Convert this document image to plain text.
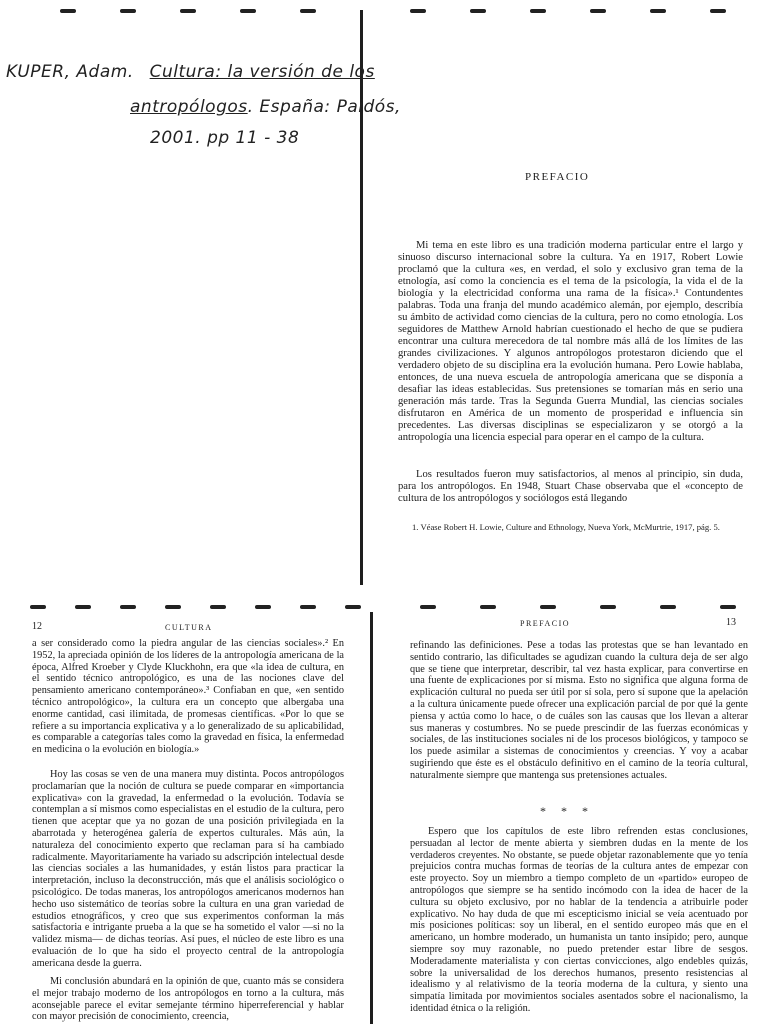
KUPER, Adam. Cultura: la versión de los
antropólogos. España: Paidós,
2001. pp 11 - 38
PREFACIO

Mi tema en este libro es una tradición moderna particular entre el largo y sinuoso discurso internacional sobre la cultura. Ya en 1917, Robert Lowie proclamó que la cultura «es, en verdad, el solo y exclusivo gran tema de la etnología, así como la conciencia es el tema de la psicología, la vida el de la biología y la electricidad conforma una rama de la física».¹ Contundentes palabras. Toda una franja del mundo académico alemán, por ejemplo, describía su ámbito de actividad como ciencias de la cultura, pero no como etnología. Los seguidores de Matthew Arnold habrían cuestionado el hecho de que se pudiera encontrar una cultura merecedora de tal nombre más allá de los límites de las grandes civilizaciones. Y algunos antropólogos protestaron diciendo que el verdadero objeto de su disciplina era la evolución humana. Pero Lowie hablaba, entonces, de una nueva escuela de antropología americana que se disponía a desafiar las ideas establecidas. Sus pretensiones se tomarían más en serio una generación más tarde. Tras la Segunda Guerra Mundial, las ciencias sociales disfrutaron en América de un momento de prosperidad e influencia sin precedentes. Las diversas disciplinas se especializaron y se otorgó a la antropología una licencia especial para operar en el campo de la cultura.

Los resultados fueron muy satisfactorios, al menos al principio, sin duda, para los antropólogos. En 1948, Stuart Chase observaba que el «concepto de cultura de los antropólogos y sociólogos está llegando

1. Véase Robert H. Lowie, Culture and Ethnology, Nueva York, McMurtrie, 1917, pág. 5.

12	CULTURA

a ser considerado como la piedra angular de las ciencias sociales».² En 1952, la apreciada opinión de los líderes de la antropología americana de la época, Alfred Kroeber y Clyde Kluckhohn, era que «la idea de cultura, en el sentido técnico antropológico, es una de las nociones clave del pensamiento americano contemporáneo».³ Confiaban en que, «en sentido técnico antropológico», la cultura era un concepto que albergaba una enorme cantidad, casi ilimitada, de promesas científicas. «Por lo que se refiere a su importancia explicativa y a lo generalizado de su aplicabilidad, es comparable a categorías tales como la gravedad en física, la enfermedad en medicina o la evolución en biología.»

Hoy las cosas se ven de una manera muy distinta. Pocos antropólogos proclamarían que la noción de cultura se puede comparar en «importancia explicativa» con la gravedad, la enfermedad o la evolución. Todavía se contemplan a sí mismos como especialistas en el estudio de la cultura, pero tienen que aceptar que ya no gozan de una posición privilegiada en la abarrotada y heterogénea galería de expertos culturales. Más aún, la naturaleza del conocimiento experto que reclaman para sí ha cambiado radicalmente. Mayoritariamente ha variado su adscripción intelectual desde las ciencias sociales a las humanidades, y están listos para practicar la interpretación, incluso la deconstrucción, más que el análisis sociológico o psicológico. De todas maneras, los antropólogos americanos modernos han hecho uso sistemático de teorías sobre la cultura en una gran variedad de estudios etnográficos, y creo que sus experimentos conforman la más satisfactoria e intrigante prueba a la que se ha sometido el valor —si no la validez misma— de dichas teorías. Así pues, el núcleo de este libro es una evaluación de lo que ha sido el proyecto central de la antropología americana desde la guerra.

Mi conclusión abundará en la opinión de que, cuanto más se considera el mejor trabajo moderno de los antropólogos en torno a la cultura, más aconsejable parece el evitar semejante término hiperreferencial y hablar con mayor precisión de conocimiento, creencia,

PREFACIO	13

refinando las definiciones. Pese a todas las protestas que se han levantado en sentido contrario, las dificultades se agudizan cuando la cultura deja de ser algo que se tiene que interpretar, describir, tal vez hasta explicar, para convertirse en una fuente de explicaciones por sí misma. Esto no significa que alguna forma de explicación cultural no pueda ser útil por sí sola, pero sí supone que la apelación a la cultura únicamente puede ofrecer una explicación parcial de por qué la gente piensa y actúa como lo hace, o de cuáles son las causas que los llevan a alterar sus maneras y costumbres. No se puede prescindir de las fuerzas económicas y sociales, de las instituciones sociales ni de los procesos biológicos, y tampoco se los puede asimilar a sistemas de conocimientos y creencias. Y voy a acabar sugiriendo que éste es el obstáculo definitivo en el camino de la teoría cultural, naturalmente siempre que mantenga sus pretensiones actuales.

* * *

Espero que los capítulos de este libro refrenden estas conclusiones, persuadan al lector de mente abierta y siembren dudas en la mente de los verdaderos creyentes. No obstante, se puede objetar razonablemente que yo tenía prejuicios contra muchas formas de teorías de la cultura antes de empezar con este proyecto. Soy un miembro a tiempo completo de un «partido» europeo de antropólogos que siempre se ha sentido incómodo con la idea de hacer de la cultura su objeto exclusivo, por no hablar de la tendencia a atribuirle poder explicativo. No hay duda de que mi escepticismo inicial se veía acentuado por mis posiciones políticas: soy un liberal, en el sentido europeo más que en el americano, un hombre moderado, un humanista un tanto insípido; pero, aunque siempre soy muy razonable, no puedo pretender estar libre de sesgos. Moderadamente materialista y con ciertas convicciones, algo endebles quizás, sobre la universalidad de los derechos humanos, presento resistencias al idealismo y al relativismo de la teoría moderna de la cultura, y siento una simpatía limitada por movimientos sociales asentados sobre el nacionalismo, la identidad étnica o la religión.
